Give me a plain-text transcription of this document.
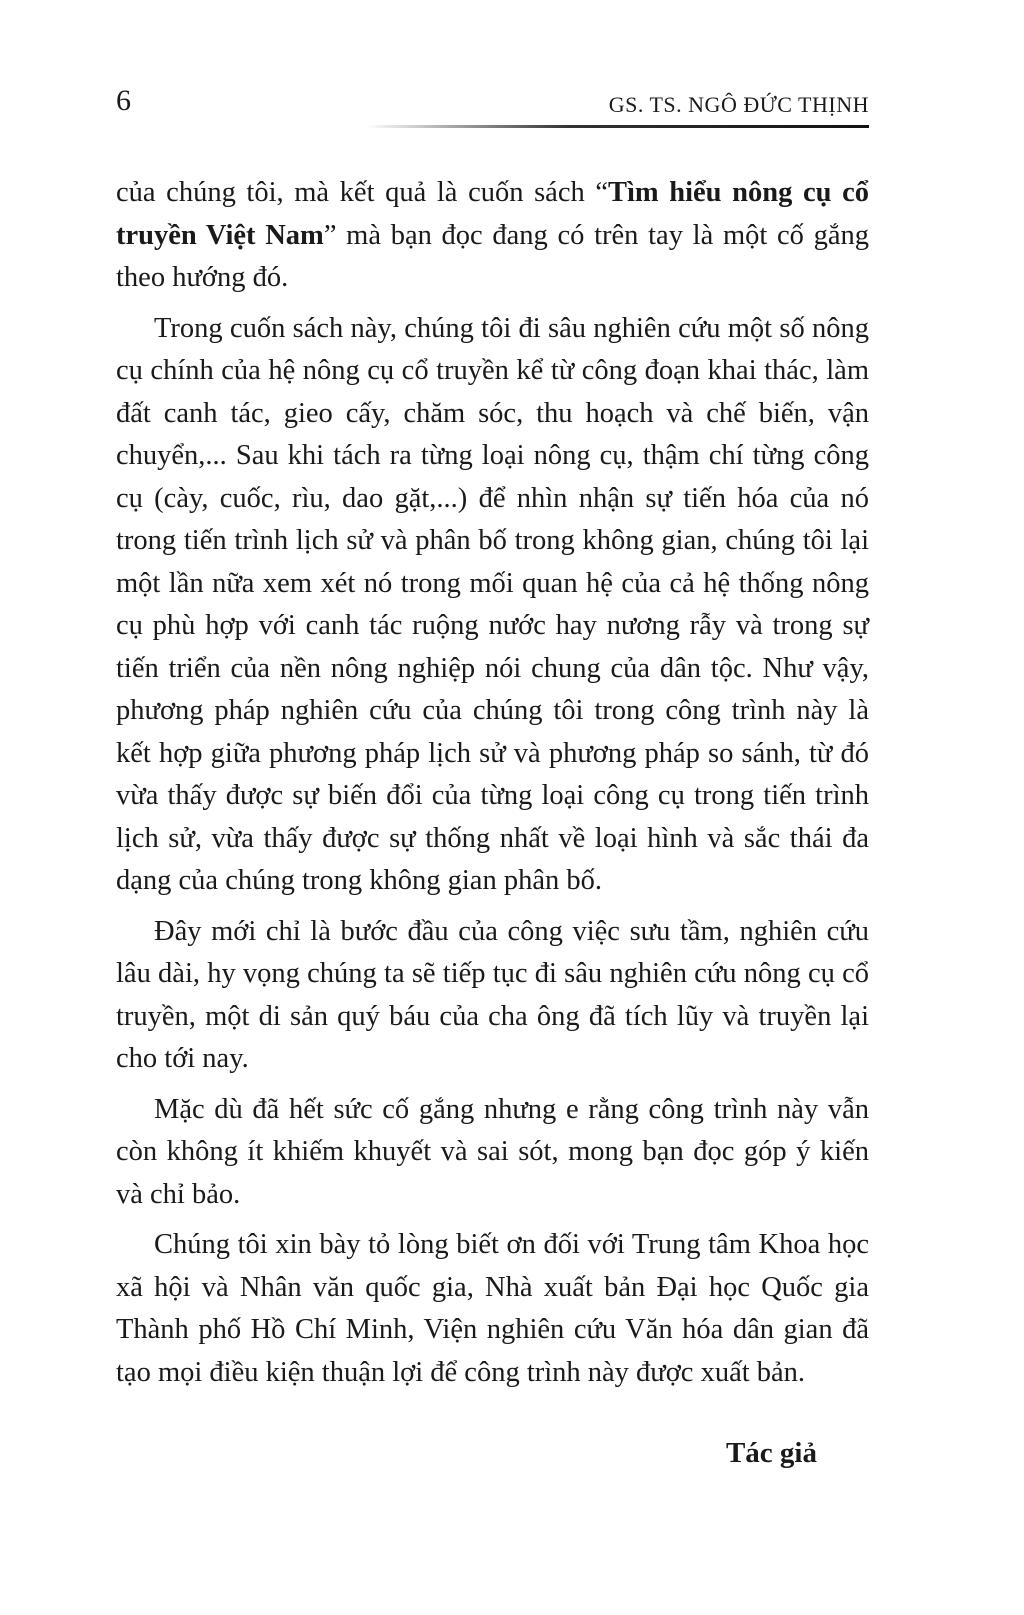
6	GS. TS. NGÔ ĐỨC THỊNH

của chúng tôi, mà kết quả là cuốn sách “Tìm hiểu nông cụ cổ truyền Việt Nam” mà bạn đọc đang có trên tay là một cố gắng theo hướng đó.

Trong cuốn sách này, chúng tôi đi sâu nghiên cứu một số nông cụ chính của hệ nông cụ cổ truyền kể từ công đoạn khai thác, làm đất canh tác, gieo cấy, chăm sóc, thu hoạch và chế biến, vận chuyển,... Sau khi tách ra từng loại nông cụ, thậm chí từng công cụ (cày, cuốc, rìu, dao gặt,...) để nhìn nhận sự tiến hóa của nó trong tiến trình lịch sử và phân bố trong không gian, chúng tôi lại một lần nữa xem xét nó trong mối quan hệ của cả hệ thống nông cụ phù hợp với canh tác ruộng nước hay nương rẫy và trong sự tiến triển của nền nông nghiệp nói chung của dân tộc. Như vậy, phương pháp nghiên cứu của chúng tôi trong công trình này là kết hợp giữa phương pháp lịch sử và phương pháp so sánh, từ đó vừa thấy được sự biến đổi của từng loại công cụ trong tiến trình lịch sử, vừa thấy được sự thống nhất về loại hình và sắc thái đa dạng của chúng trong không gian phân bố.

Đây mới chỉ là bước đầu của công việc sưu tầm, nghiên cứu lâu dài, hy vọng chúng ta sẽ tiếp tục đi sâu nghiên cứu nông cụ cổ truyền, một di sản quý báu của cha ông đã tích lũy và truyền lại cho tới nay.

Mặc dù đã hết sức cố gắng nhưng e rằng công trình này vẫn còn không ít khiếm khuyết và sai sót, mong bạn đọc góp ý kiến và chỉ bảo.

Chúng tôi xin bày tỏ lòng biết ơn đối với Trung tâm Khoa học xã hội và Nhân văn quốc gia, Nhà xuất bản Đại học Quốc gia Thành phố Hồ Chí Minh, Viện nghiên cứu Văn hóa dân gian đã tạo mọi điều kiện thuận lợi để công trình này được xuất bản.

Tác giả
